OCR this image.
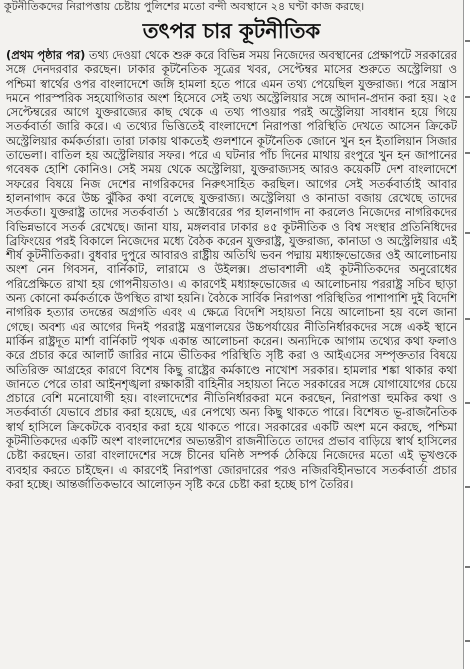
কূটনীতিকদের নিরাপত্তায় চেষ্টায় পুলিশের মতো বন্দী অবস্থানে ২৪ ঘণ্টা কাজ করছে।
তৎপর চার কূটনীতিক

(প্রথম পৃষ্ঠার পর) তথ্য দেওয়া থেকে শুরু করে বিভিন্ন সময় নিজেদের অবস্থানের প্রেক্ষাপটে সরকারের সঙ্গে দেনদরবার করছেন। ঢাকার কূটনৈতিক সূত্রের খবর, সেপ্টেম্বর মাসের শুরুতে অস্ট্রেলিয়া ও পশ্চিমা স্বার্থের ওপর বাংলাদেশে জঙ্গি হামলা হতে পারে এমন তথ্য পেয়েছিল যুক্তরাজ্য। পরে সন্ত্রাস দমনে পারস্পরিক সহযোগিতার অংশ হিসেবে সেই তথ্য অস্ট্রেলিয়ার সঙ্গে আদান-প্রদান করা হয়। ২৫ সেপ্টেম্বরের আগে যুক্তরাজ্যের কাছ থেকে এ তথ্য পাওয়ার পরই অস্ট্রেলিয়া সাবধান হয়ে গিয়ে সতর্কবার্তা জারি করে। এ তথ্যের ভিত্তিতেই বাংলাদেশে নিরাপত্তা পরিস্থিতি দেখতে আসেন ক্রিকেট অস্ট্রেলিয়ার কর্মকর্তারা। তারা ঢাকায় থাকতেই গুলশানে কূটনৈতিক জোনে খুন হন ইতালিয়ান সিজার তাভেলা। বাতিল হয় অস্ট্রেলিয়ার সফর। পরে এ ঘটনার পাঁচ দিনের মাথায় রংপুরে খুন হন জাপানের গবেষক হোশি কোনিও। সেই সময় থেকে অস্ট্রেলিয়া, যুক্তরাজ্যসহ আরও কয়েকটি দেশ বাংলাদেশে সফরের বিষয়ে নিজ দেশের নাগরিকদের নিরুৎসাহিত করছিল। আগের সেই সতর্কবার্তাই আবার হালনাগাদ করে উচ্চ ঝুঁকির কথা বলেছে যুক্তরাজ্য। অস্ট্রেলিয়া ও কানাডা বজায় রেখেছে তাদের সতর্কতা। যুক্তরাষ্ট্র তাদের সতর্কবার্তা ১ অক্টোবরের পর হালনাগাদ না করলেও নিজেদের নাগরিকদের বিভিন্নভাবে সতর্ক রেখেছে। জানা যায়, মঙ্গলবার ঢাকার ৪৫ কূটনীতিক ও বিশ্ব সংস্থার প্রতিনিধিদের ব্রিফিংয়ের পরই বিকালে নিজেদের মধ্যে বৈঠক করেন যুক্তরাষ্ট্র, যুক্তরাজ্য, কানাডা ও অস্ট্রেলিয়ার এই শীর্ষ কূটনীতিকরা। বুধবার দুপুরে আবারও রাষ্ট্রীয় অতিথি ভবন পদ্মায় মধ্যাহ্নভোজের ওই আলোচনায় অংশ নেন গিবসন, বার্নিকাট, লারামে ও উইলক্স। প্রভাবশালী এই কূটনীতিকদের অনুরোধের পরিপ্রেক্ষিতে রাখা হয় গোপনীয়তাও। এ কারণেই মধ্যাহ্নভোজের এ আলোচনায় পররাষ্ট্র সচিব ছাড়া অন্য কোনো কর্মকর্তাকে উপস্থিত রাখা হয়নি। বৈঠকে সার্বিক নিরাপত্তা পরিস্থিতির পাশাপাশি দুই বিদেশি নাগরিক হত্যার তদন্তের অগ্রগতি এবং এ ক্ষেত্রে বিদেশি সহায়তা নিয়ে আলোচনা হয় বলে জানা গেছে। অবশ্য এর আগের দিনই পররাষ্ট্র মন্ত্রণালয়ের উচ্চপর্যায়ের নীতিনির্ধারকদের সঙ্গে একই স্থানে মার্কিন রাষ্ট্রদূত মার্শা বার্নিকাট পৃথক একান্ত আলোচনা করেন। অন্যদিকে আগাম তথ্যের কথা ফলাও করে প্রচার করে আলার্ট জারির নামে ভীতিকর পরিস্থিতি সৃষ্টি করা ও আইএসের সম্পৃক্ততার বিষয়ে অতিরিক্ত আগ্রহের কারণে বিশেষ কিছু রাষ্ট্রের কর্মকাণ্ডে নাখোশ সরকার। হামলার শঙ্কা থাকার কথা জানতে পেরে তারা আইনশৃঙ্খলা রক্ষাকারী বাহিনীর সহায়তা নিতে সরকারের সঙ্গে যোগাযোগের চেয়ে প্রচারে বেশি মনোযোগী হয়। বাংলাদেশের নীতিনির্ধারকরা মনে করছেন, নিরাপত্তা হুমকির কথা ও সতর্কবার্তা যেভাবে প্রচার করা হয়েছে, এর নেপথ্যে অন্য কিছু থাকতে পারে। বিশেষত ভূ-রাজনৈতিক স্বার্থ হাসিলে ক্রিকেটকে ব্যবহার করা হয়ে থাকতে পারে। সরকারের একটি অংশ মনে করছে, পশ্চিমা কূটনীতিকদের একটি অংশ বাংলাদেশের অভ্যন্তরীণ রাজনীতিতে তাদের প্রভাব বাড়িয়ে স্বার্থ হাসিলের চেষ্টা করছেন। তারা বাংলাদেশের সঙ্গে চীনের ঘনিষ্ঠ সম্পর্ক ঠেকিয়ে নিজেদের মতো এই ভূখণ্ডকে ব্যবহার করতে চাইছেন। এ কারণেই নিরাপত্তা জোরদারের পরও নজিরবিহীনভাবে সতর্কবার্তা প্রচার করা হচ্ছে। আন্তর্জাতিকভাবে আলোড়ন সৃষ্টি করে চেষ্টা করা হচ্ছে চাপ তৈরির।
